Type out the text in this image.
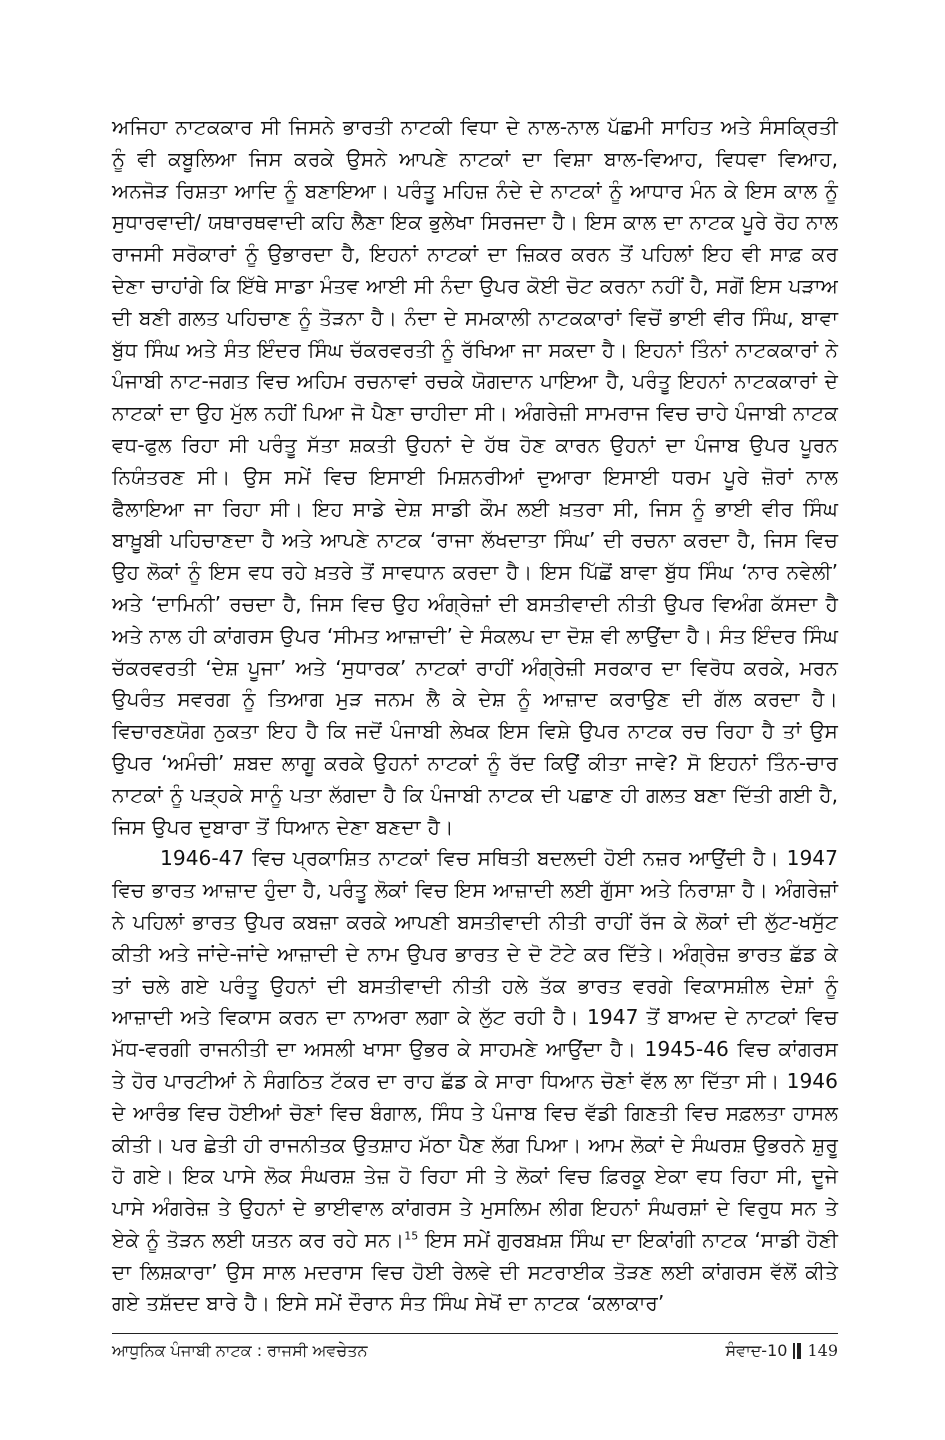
ਅਜਿਹਾ ਨਾਟਕਕਾਰ ਸੀ ਜਿਸਨੇ ਭਾਰਤੀ ਨਾਟਕੀ ਵਿਧਾ ਦੇ ਨਾਲ-ਨਾਲ ਪੱਛਮੀ ਸਾਹਿਤ ਅਤੇ ਸੰਸਕ੍ਰਿਤੀ ਨੂੰ ਵੀ ਕਬੂਲਿਆ ਜਿਸ ਕਰਕੇ ਉਸਨੇ ਆਪਣੇ ਨਾਟਕਾਂ ਦਾ ਵਿਸ਼ਾ ਬਾਲ-ਵਿਆਹ, ਵਿਧਵਾ ਵਿਆਹ, ਅਨਜੋੜ ਰਿਸ਼ਤਾ ਆਦਿ ਨੂੰ ਬਣਾਇਆ। ਪਰੰਤੂ ਮਹਿਜ਼ ਨੰਦੇ ਦੇ ਨਾਟਕਾਂ ਨੂੰ ਆਧਾਰ ਮੰਨ ਕੇ ਇਸ ਕਾਲ ਨੂੰ ਸੁਧਾਰਵਾਦੀ/ ਯਥਾਰਥਵਾਦੀ ਕਹਿ ਲੈਣਾ ਇਕ ਭੁਲੇਖਾ ਸਿਰਜਦਾ ਹੈ। ਇਸ ਕਾਲ ਦਾ ਨਾਟਕ ਪੂਰੇ ਰੋਹ ਨਾਲ ਰਾਜਸੀ ਸਰੋਕਾਰਾਂ ਨੂੰ ਉਭਾਰਦਾ ਹੈ, ਇਹਨਾਂ ਨਾਟਕਾਂ ਦਾ ਜ਼ਿਕਰ ਕਰਨ ਤੋਂ ਪਹਿਲਾਂ ਇਹ ਵੀ ਸਾਫ਼ ਕਰ ਦੇਣਾ ਚਾਹਾਂਗੇ ਕਿ ਇੱਥੇ ਸਾਡਾ ਮੰਤਵ ਆਈ ਸੀ ਨੰਦਾ ਉਪਰ ਕੋਈ ਚੋਟ ਕਰਨਾ ਨਹੀਂ ਹੈ, ਸਗੋਂ ਇਸ ਪੜਾਅ ਦੀ ਬਣੀ ਗਲਤ ਪਹਿਚਾਣ ਨੂੰ ਤੋੜਨਾ ਹੈ। ਨੰਦਾ ਦੇ ਸਮਕਾਲੀ ਨਾਟਕਕਾਰਾਂ ਵਿਚੋਂ ਭਾਈ ਵੀਰ ਸਿੰਘ, ਬਾਵਾ ਬੁੱਧ ਸਿੰਘ ਅਤੇ ਸੰਤ ਇੰਦਰ ਸਿੰਘ ਚੱਕਰਵਰਤੀ ਨੂੰ ਰੱਖਿਆ ਜਾ ਸਕਦਾ ਹੈ। ਇਹਨਾਂ ਤਿੰਨਾਂ ਨਾਟਕਕਾਰਾਂ ਨੇ ਪੰਜਾਬੀ ਨਾਟ-ਜਗਤ ਵਿਚ ਅਹਿਮ ਰਚਨਾਵਾਂ ਰਚਕੇ ਯੋਗਦਾਨ ਪਾਇਆ ਹੈ, ਪਰੰਤੂ ਇਹਨਾਂ ਨਾਟਕਕਾਰਾਂ ਦੇ ਨਾਟਕਾਂ ਦਾ ਉਹ ਮੁੱਲ ਨਹੀਂ ਪਿਆ ਜੋ ਪੈਣਾ ਚਾਹੀਦਾ ਸੀ। ਅੰਗਰੇਜ਼ੀ ਸਾਮਰਾਜ ਵਿਚ ਚਾਹੇ ਪੰਜਾਬੀ ਨਾਟਕ ਵਧ-ਫੁਲ ਰਿਹਾ ਸੀ ਪਰੰਤੂ ਸੱਤਾ ਸ਼ਕਤੀ ਉਹਨਾਂ ਦੇ ਹੱਥ ਹੋਣ ਕਾਰਨ ਉਹਨਾਂ ਦਾ ਪੰਜਾਬ ਉਪਰ ਪੂਰਨ ਨਿਯੰਤਰਣ ਸੀ। ਉਸ ਸਮੇਂ ਵਿਚ ਇਸਾਈ ਮਿਸ਼ਨਰੀਆਂ ਦੁਆਰਾ ਇਸਾਈ ਧਰਮ ਪੂਰੇ ਜ਼ੋਰਾਂ ਨਾਲ ਫੈਲਾਇਆ ਜਾ ਰਿਹਾ ਸੀ। ਇਹ ਸਾਡੇ ਦੇਸ਼ ਸਾਡੀ ਕੌਮ ਲਈ ਖ਼ਤਰਾ ਸੀ, ਜਿਸ ਨੂੰ ਭਾਈ ਵੀਰ ਸਿੰਘ ਬਾਖ਼ੂਬੀ ਪਹਿਚਾਣਦਾ ਹੈ ਅਤੇ ਆਪਣੇ ਨਾਟਕ ‘ਰਾਜਾ ਲੱਖਦਾਤਾ ਸਿੰਘ’ ਦੀ ਰਚਨਾ ਕਰਦਾ ਹੈ, ਜਿਸ ਵਿਚ ਉਹ ਲੋਕਾਂ ਨੂੰ ਇਸ ਵਧ ਰਹੇ ਖ਼ਤਰੇ ਤੋਂ ਸਾਵਧਾਨ ਕਰਦਾ ਹੈ। ਇਸ ਪਿੱਛੋਂ ਬਾਵਾ ਬੁੱਧ ਸਿੰਘ ‘ਨਾਰ ਨਵੇਲੀ’ ਅਤੇ ‘ਦਾਮਿਨੀ’ ਰਚਦਾ ਹੈ, ਜਿਸ ਵਿਚ ਉਹ ਅੰਗ੍ਰੇਜ਼ਾਂ ਦੀ ਬਸਤੀਵਾਦੀ ਨੀਤੀ ਉਪਰ ਵਿਅੰਗ ਕੱਸਦਾ ਹੈ ਅਤੇ ਨਾਲ ਹੀ ਕਾਂਗਰਸ ਉਪਰ ‘ਸੀਮਤ ਆਜ਼ਾਦੀ’ ਦੇ ਸੰਕਲਪ ਦਾ ਦੋਸ਼ ਵੀ ਲਾਉਂਦਾ ਹੈ। ਸੰਤ ਇੰਦਰ ਸਿੰਘ ਚੱਕਰਵਰਤੀ ‘ਦੇਸ਼ ਪੂਜਾ’ ਅਤੇ ‘ਸੁਧਾਰਕ’ ਨਾਟਕਾਂ ਰਾਹੀਂ ਅੰਗ੍ਰੇਜ਼ੀ ਸਰਕਾਰ ਦਾ ਵਿਰੋਧ ਕਰਕੇ, ਮਰਨ ਉਪਰੰਤ ਸਵਰਗ ਨੂੰ ਤਿਆਗ ਮੁੜ ਜਨਮ ਲੈ ਕੇ ਦੇਸ਼ ਨੂੰ ਆਜ਼ਾਦ ਕਰਾਉਣ ਦੀ ਗੱਲ ਕਰਦਾ ਹੈ। ਵਿਚਾਰਣਯੋਗ ਨੁਕਤਾ ਇਹ ਹੈ ਕਿ ਜਦੋਂ ਪੰਜਾਬੀ ਲੇਖਕ ਇਸ ਵਿਸ਼ੇ ਉਪਰ ਨਾਟਕ ਰਚ ਰਿਹਾ ਹੈ ਤਾਂ ਉਸ ਉਪਰ ‘ਅਮੰਚੀ’ ਸ਼ਬਦ ਲਾਗੂ ਕਰਕੇ ਉਹਨਾਂ ਨਾਟਕਾਂ ਨੂੰ ਰੱਦ ਕਿਉਂ ਕੀਤਾ ਜਾਵੇ? ਸੋ ਇਹਨਾਂ ਤਿੰਨ-ਚਾਰ ਨਾਟਕਾਂ ਨੂੰ ਪੜ੍ਹਕੇ ਸਾਨੂੰ ਪਤਾ ਲੱਗਦਾ ਹੈ ਕਿ ਪੰਜਾਬੀ ਨਾਟਕ ਦੀ ਪਛਾਣ ਹੀ ਗਲਤ ਬਣਾ ਦਿੱਤੀ ਗਈ ਹੈ, ਜਿਸ ਉਪਰ ਦੁਬਾਰਾ ਤੋਂ ਧਿਆਨ ਦੇਣਾ ਬਣਦਾ ਹੈ।

1946-47 ਵਿਚ ਪ੍ਰਕਾਸ਼ਿਤ ਨਾਟਕਾਂ ਵਿਚ ਸਥਿਤੀ ਬਦਲਦੀ ਹੋਈ ਨਜ਼ਰ ਆਉਂਦੀ ਹੈ। 1947 ਵਿਚ ਭਾਰਤ ਆਜ਼ਾਦ ਹੁੰਦਾ ਹੈ, ਪਰੰਤੂ ਲੋਕਾਂ ਵਿਚ ਇਸ ਆਜ਼ਾਦੀ ਲਈ ਗੁੱਸਾ ਅਤੇ ਨਿਰਾਸ਼ਾ ਹੈ। ਅੰਗਰੇਜ਼ਾਂ ਨੇ ਪਹਿਲਾਂ ਭਾਰਤ ਉਪਰ ਕਬਜ਼ਾ ਕਰਕੇ ਆਪਣੀ ਬਸਤੀਵਾਦੀ ਨੀਤੀ ਰਾਹੀਂ ਰੱਜ ਕੇ ਲੋਕਾਂ ਦੀ ਲੁੱਟ-ਖਸੁੱਟ ਕੀਤੀ ਅਤੇ ਜਾਂਦੇ-ਜਾਂਦੇ ਆਜ਼ਾਦੀ ਦੇ ਨਾਮ ਉਪਰ ਭਾਰਤ ਦੇ ਦੋ ਟੋਟੇ ਕਰ ਦਿੱਤੇ। ਅੰਗ੍ਰੇਜ਼ ਭਾਰਤ ਛੱਡ ਕੇ ਤਾਂ ਚਲੇ ਗਏ ਪਰੰਤੂ ਉਹਨਾਂ ਦੀ ਬਸਤੀਵਾਦੀ ਨੀਤੀ ਹਲੇ ਤੱਕ ਭਾਰਤ ਵਰਗੇ ਵਿਕਾਸਸ਼ੀਲ ਦੇਸ਼ਾਂ ਨੂੰ ਆਜ਼ਾਦੀ ਅਤੇ ਵਿਕਾਸ ਕਰਨ ਦਾ ਨਾਅਰਾ ਲਗਾ ਕੇ ਲੁੱਟ ਰਹੀ ਹੈ। 1947 ਤੋਂ ਬਾਅਦ ਦੇ ਨਾਟਕਾਂ ਵਿਚ ਮੱਧ-ਵਰਗੀ ਰਾਜਨੀਤੀ ਦਾ ਅਸਲੀ ਖਾਸਾ ਉਭਰ ਕੇ ਸਾਹਮਣੇ ਆਉਂਦਾ ਹੈ। 1945-46 ਵਿਚ ਕਾਂਗਰਸ ਤੇ ਹੋਰ ਪਾਰਟੀਆਂ ਨੇ ਸੰਗਠਿਤ ਟੱਕਰ ਦਾ ਰਾਹ ਛੱਡ ਕੇ ਸਾਰਾ ਧਿਆਨ ਚੋਣਾਂ ਵੱਲ ਲਾ ਦਿੱਤਾ ਸੀ। 1946 ਦੇ ਆਰੰਭ ਵਿਚ ਹੋਈਆਂ ਚੋਣਾਂ ਵਿਚ ਬੰਗਾਲ, ਸਿੰਧ ਤੇ ਪੰਜਾਬ ਵਿਚ ਵੱਡੀ ਗਿਣਤੀ ਵਿਚ ਸਫ਼ਲਤਾ ਹਾਸਲ ਕੀਤੀ। ਪਰ ਛੇਤੀ ਹੀ ਰਾਜਨੀਤਕ ਉਤਸ਼ਾਹ ਮੱਠਾ ਪੈਣ ਲੱਗ ਪਿਆ। ਆਮ ਲੋਕਾਂ ਦੇ ਸੰਘਰਸ਼ ਉਭਰਨੇ ਸ਼ੁਰੂ ਹੋ ਗਏ। ਇਕ ਪਾਸੇ ਲੋਕ ਸੰਘਰਸ਼ ਤੇਜ਼ ਹੋ ਰਿਹਾ ਸੀ ਤੇ ਲੋਕਾਂ ਵਿਚ ਫ਼ਿਰਕੂ ਏਕਾ ਵਧ ਰਿਹਾ ਸੀ, ਦੂਜੇ ਪਾਸੇ ਅੰਗਰੇਜ਼ ਤੇ ਉਹਨਾਂ ਦੇ ਭਾਈਵਾਲ ਕਾਂਗਰਸ ਤੇ ਮੁਸਲਿਮ ਲੀਗ ਇਹਨਾਂ ਸੰਘਰਸ਼ਾਂ ਦੇ ਵਿਰੁਧ ਸਨ ਤੇ ਏਕੇ ਨੂੰ ਤੋੜਨ ਲਈ ਯਤਨ ਕਰ ਰਹੇ ਸਨ।$^{15}$ ਇਸ ਸਮੇਂ ਗੁਰਬਖ਼ਸ਼ ਸਿੰਘ ਦਾ ਇਕਾਂਗੀ ਨਾਟਕ ‘ਸਾਡੀ ਹੋਣੀ ਦਾ ਲਿਸ਼ਕਾਰਾ’ ਉਸ ਸਾਲ ਮਦਰਾਸ ਵਿਚ ਹੋਈ ਰੇਲਵੇ ਦੀ ਸਟਰਾਈਕ ਤੋੜਣ ਲਈ ਕਾਂਗਰਸ ਵੱਲੋਂ ਕੀਤੇ ਗਏ ਤਸ਼ੱਦਦ ਬਾਰੇ ਹੈ। ਇਸੇ ਸਮੇਂ ਦੌਰਾਨ ਸੰਤ ਸਿੰਘ ਸੇਖੋਂ ਦਾ ਨਾਟਕ ‘ਕਲਾਕਾਰ’

ਆਧੁਨਿਕ ਪੰਜਾਬੀ ਨਾਟਕ : ਰਾਜਸੀ ਅਵਚੇਤਨ	ਸੰਵਾਦ-10 149
